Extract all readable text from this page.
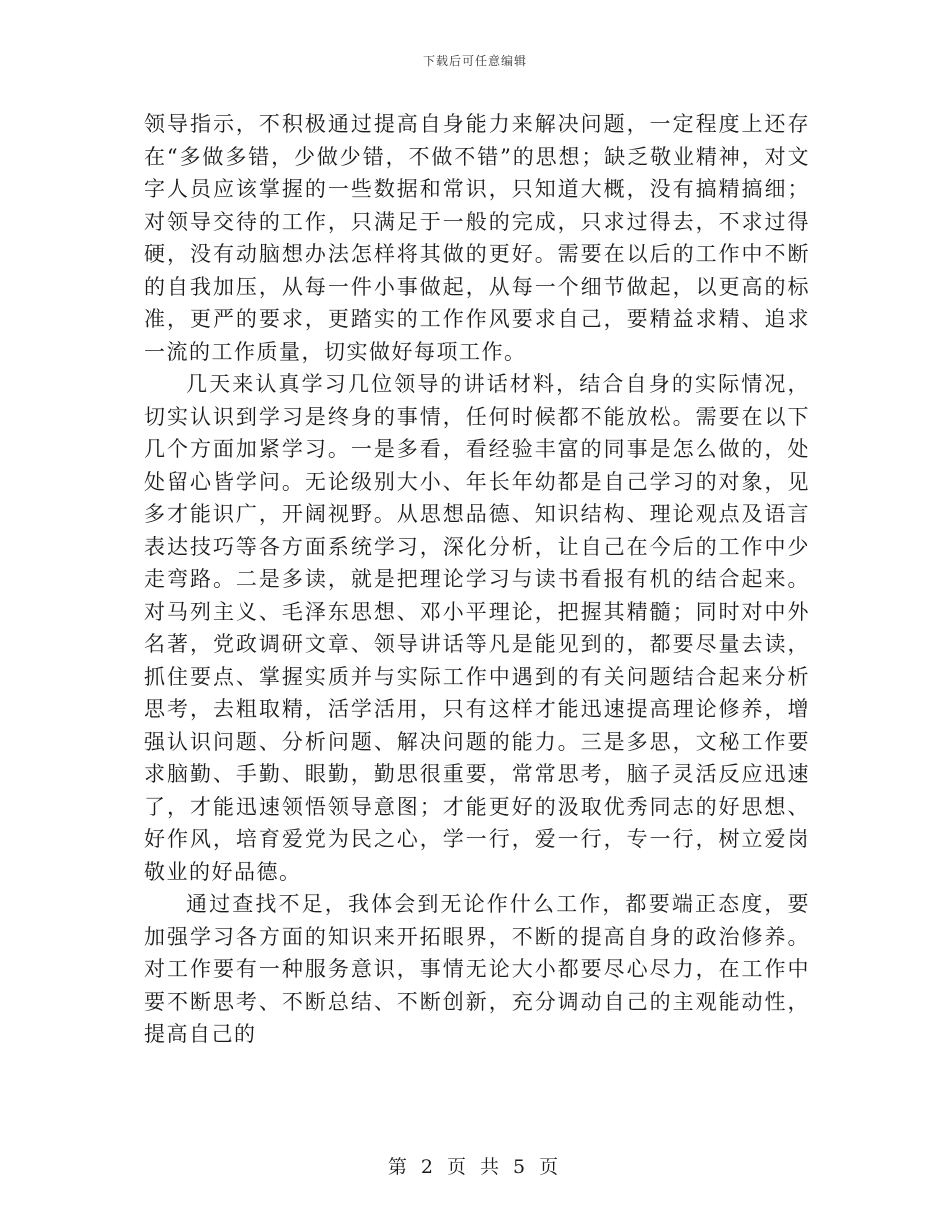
下载后可任意编辑

领导指示，不积极通过提高自身能力来解决问题，一定程度上还存在“多做多错，少做少错，不做不错”的思想；缺乏敬业精神，对文字人员应该掌握的一些数据和常识，只知道大概，没有搞精搞细；对领导交待的工作，只满足于一般的完成，只求过得去，不求过得硬，没有动脑想办法怎样将其做的更好。需要在以后的工作中不断的自我加压，从每一件小事做起，从每一个细节做起，以更高的标准，更严的要求，更踏实的工作作风要求自己，要精益求精、追求一流的工作质量，切实做好每项工作。

几天来认真学习几位领导的讲话材料，结合自身的实际情况，切实认识到学习是终身的事情，任何时候都不能放松。需要在以下几个方面加紧学习。一是多看，看经验丰富的同事是怎么做的，处处留心皆学问。无论级别大小、年长年幼都是自己学习的对象，见多才能识广，开阔视野。从思想品德、知识结构、理论观点及语言表达技巧等各方面系统学习，深化分析，让自己在今后的工作中少走弯路。二是多读，就是把理论学习与读书看报有机的结合起来。对马列主义、毛泽东思想、邓小平理论，把握其精髓；同时对中外名著，党政调研文章、领导讲话等凡是能见到的，都要尽量去读，抓住要点、掌握实质并与实际工作中遇到的有关问题结合起来分析思考，去粗取精，活学活用，只有这样才能迅速提高理论修养，增强认识问题、分析问题、解决问题的能力。三是多思，文秘工作要求脑勤、手勤、眼勤，勤思很重要，常常思考，脑子灵活反应迅速了，才能迅速领悟领导意图；才能更好的汲取优秀同志的好思想、好作风，培育爱党为民之心，学一行，爱一行，专一行，树立爱岗敬业的好品德。

通过查找不足，我体会到无论作什么工作，都要端正态度，要加强学习各方面的知识来开拓眼界，不断的提高自身的政治修养。对工作要有一种服务意识，事情无论大小都要尽心尽力，在工作中要不断思考、不断总结、不断创新，充分调动自己的主观能动性，提高自己的

第 2 页 共 5 页
